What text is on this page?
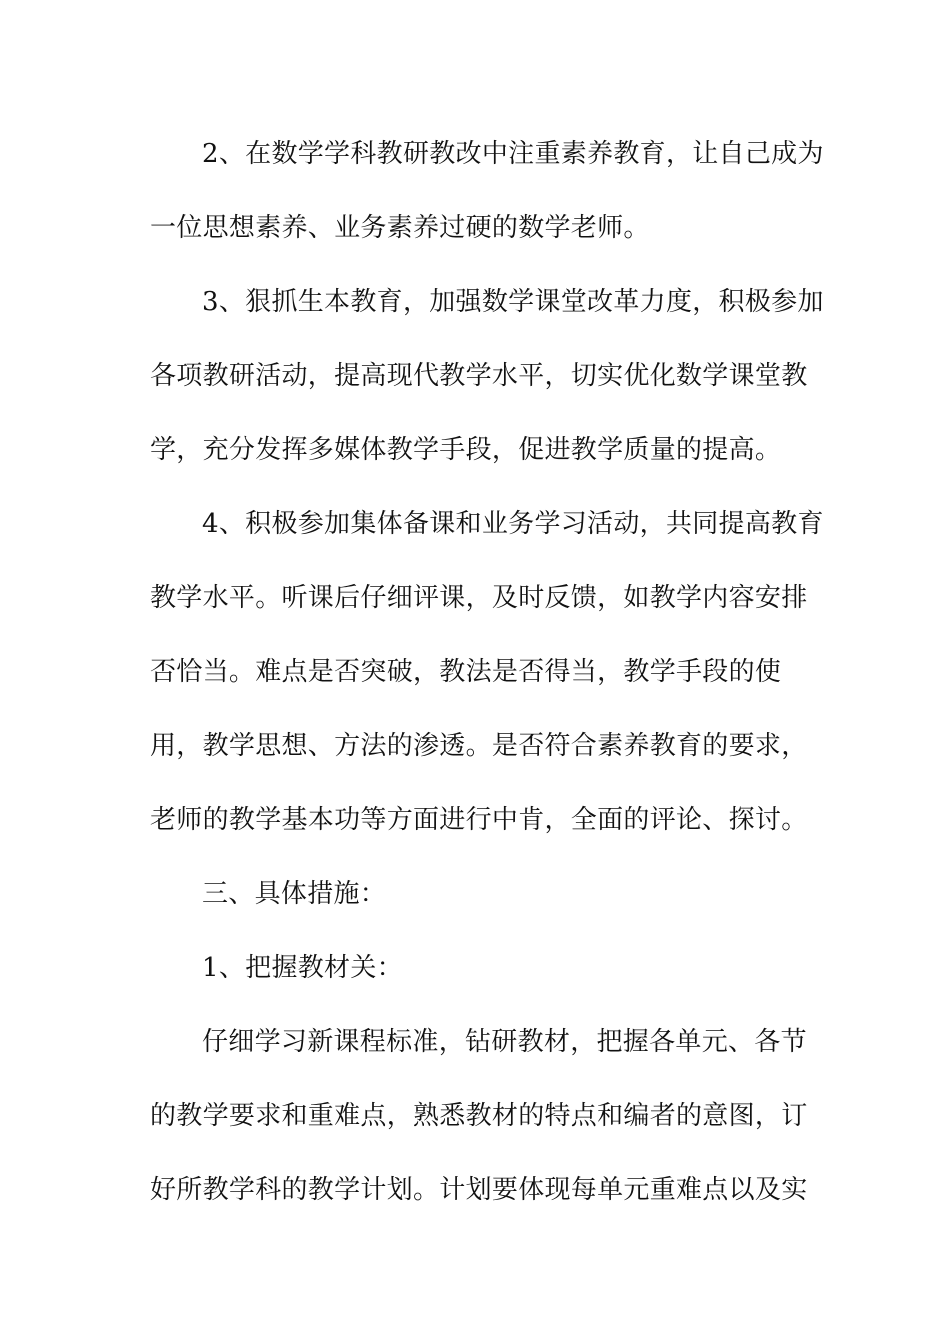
2、在数学学科教研教改中注重素养教育，让自己成为
一位思想素养、业务素养过硬的数学老师。
3、狠抓生本教育，加强数学课堂改革力度，积极参加
各项教研活动，提高现代教学水平，切实优化数学课堂教
学，充分发挥多媒体教学手段，促进教学质量的提高。
4、积极参加集体备课和业务学习活动，共同提高教育
教学水平。听课后仔细评课，及时反馈，如教学内容安排
否恰当。难点是否突破，教法是否得当，教学手段的使
用，教学思想、方法的渗透。是否符合素养教育的要求，
老师的教学基本功等方面进行中肯，全面的评论、探讨。
三、具体措施：
1、把握教材关：
仔细学习新课程标准，钻研教材，把握各单元、各节
的教学要求和重难点，熟悉教材的特点和编者的意图，订
好所教学科的教学计划。计划要体现每单元重难点以及实
